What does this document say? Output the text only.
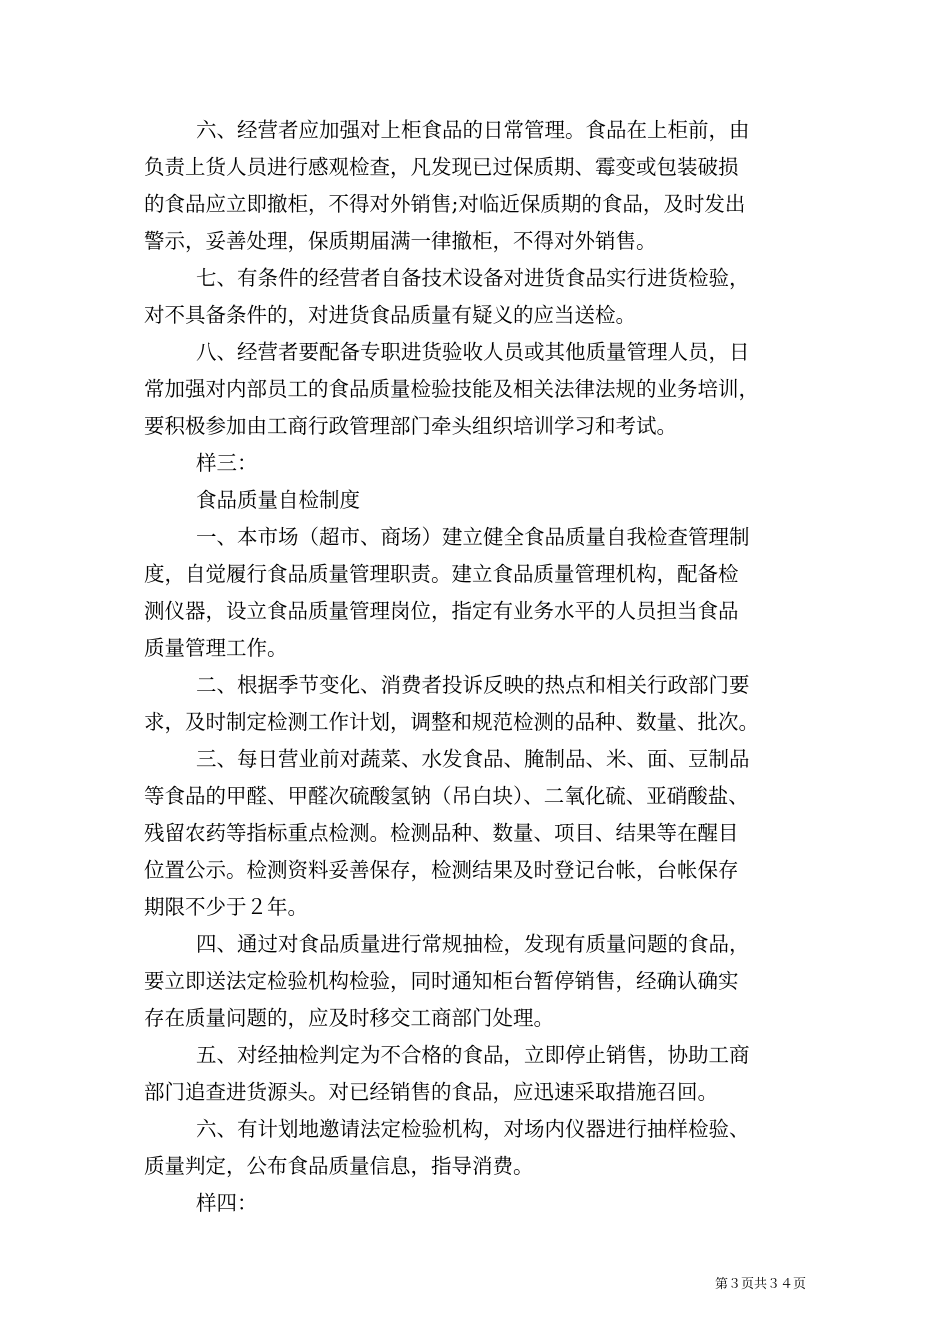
六、经营者应加强对上柜食品的日常管理。食品在上柜前，由
负责上货人员进行感观检查，凡发现已过保质期、霉变或包装破损
的食品应立即撤柜，不得对外销售;对临近保质期的食品，及时发出
警示，妥善处理，保质期届满一律撤柜，不得对外销售。
七、有条件的经营者自备技术设备对进货食品实行进货检验，
对不具备条件的，对进货食品质量有疑义的应当送检。
八、经营者要配备专职进货验收人员或其他质量管理人员，日
常加强对内部员工的食品质量检验技能及相关法律法规的业务培训，
要积极参加由工商行政管理部门牵头组织培训学习和考试。
样三：
食品质量自检制度
一、本市场（超市、商场）建立健全食品质量自我检查管理制
度，自觉履行食品质量管理职责。建立食品质量管理机构，配备检
测仪器，设立食品质量管理岗位，指定有业务水平的人员担当食品
质量管理工作。
二、根据季节变化、消费者投诉反映的热点和相关行政部门要
求，及时制定检测工作计划，调整和规范检测的品种、数量、批次。
三、每日营业前对蔬菜、水发食品、腌制品、米、面、豆制品
等食品的甲醛、甲醛次硫酸氢钠（吊白块）、二氧化硫、亚硝酸盐、
残留农药等指标重点检测。检测品种、数量、项目、结果等在醒目
位置公示。检测资料妥善保存，检测结果及时登记台帐，台帐保存
期限不少于２年。
四、通过对食品质量进行常规抽检，发现有质量问题的食品，
要立即送法定检验机构检验，同时通知柜台暂停销售，经确认确实
存在质量问题的，应及时移交工商部门处理。
五、对经抽检判定为不合格的食品，立即停止销售，协助工商
部门追查进货源头。对已经销售的食品，应迅速采取措施召回。
六、有计划地邀请法定检验机构，对场内仪器进行抽样检验、
质量判定，公布食品质量信息，指导消费。
样四：
第３页共３４页
